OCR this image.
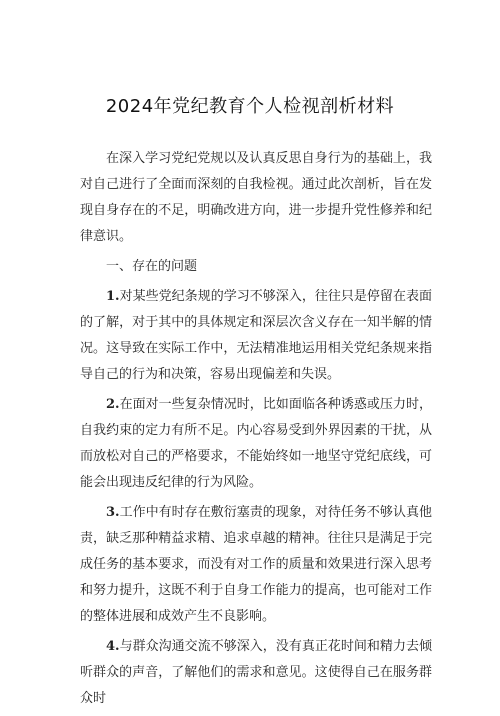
2024年党纪教育个人检视剖析材料

在深入学习党纪党规以及认真反思自身行为的基础上，我对自己进行了全面而深刻的自我检视。通过此次剖析，旨在发现自身存在的不足，明确改进方向，进一步提升党性修养和纪律意识。

一、存在的问题

1.对某些党纪条规的学习不够深入，往往只是停留在表面的了解，对于其中的具体规定和深层次含义存在一知半解的情况。这导致在实际工作中，无法精准地运用相关党纪条规来指导自己的行为和决策，容易出现偏差和失误。

2.在面对一些复杂情况时，比如面临各种诱惑或压力时，自我约束的定力有所不足。内心容易受到外界因素的干扰，从而放松对自己的严格要求，不能始终如一地坚守党纪底线，可能会出现违反纪律的行为风险。

3.工作中有时存在敷衍塞责的现象，对待任务不够认真他责，缺乏那种精益求精、追求卓越的精神。往往只是满足于完成任务的基本要求，而没有对工作的质量和效果进行深入思考和努力提升，这既不利于自身工作能力的提高，也可能对工作的整体进展和成效产生不良影响。

4.与群众沟通交流不够深入，没有真正花时间和精力去倾听群众的声音，了解他们的需求和意见。这使得自己在服务群众时
